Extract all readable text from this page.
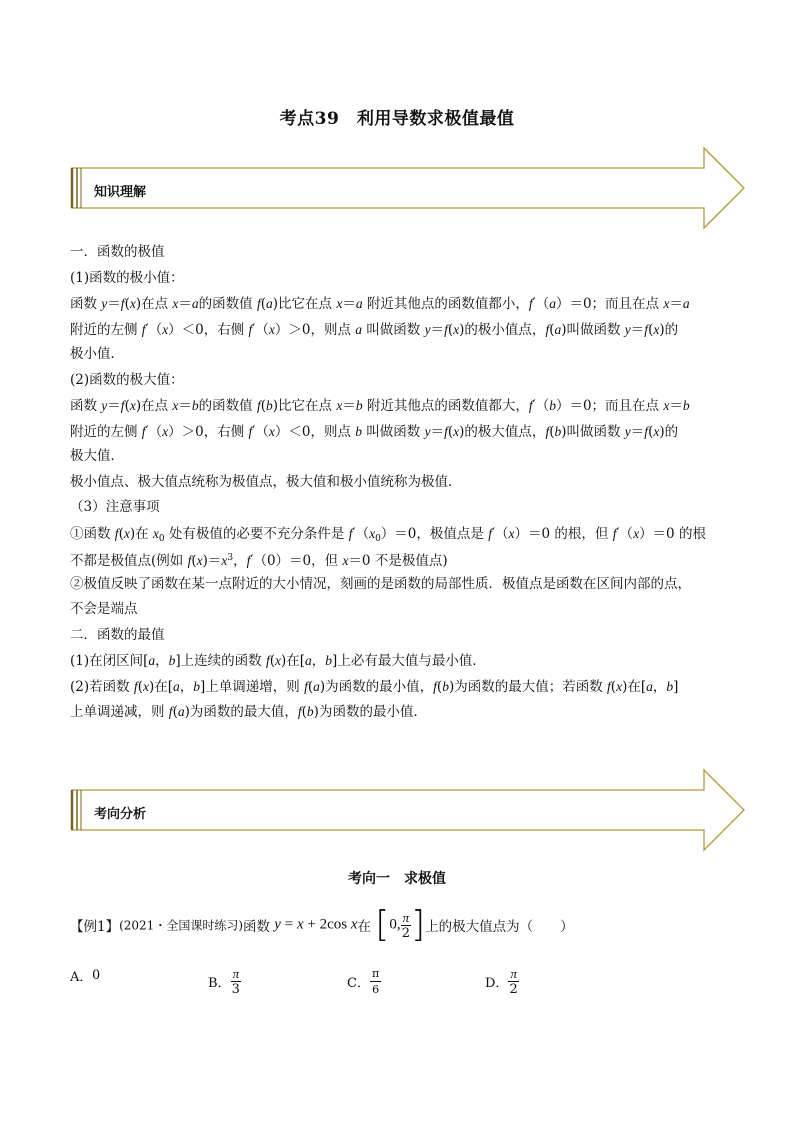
考点39　利用导数求极值最值
知识理解
一．函数的极值
(1)函数的极小值：
函数 y＝f(x)在点 x＝a的函数值 f(a)比它在点 x＝a 附近其他点的函数值都小，f′（a）＝0；而且在点 x＝a
附近的左侧 f′（x）＜0，右侧 f′（x）＞0，则点 a 叫做函数 y＝f(x)的极小值点，f(a)叫做函数 y＝f(x)的
极小值．
(2)函数的极大值：
函数 y＝f(x)在点 x＝b的函数值 f(b)比它在点 x＝b 附近其他点的函数值都大，f′（b）＝0；而且在点 x＝b
附近的左侧 f′（x）＞0，右侧 f′（x）＜0，则点 b 叫做函数 y＝f(x)的极大值点，f(b)叫做函数 y＝f(x)的
极大值．
极小值点、极大值点统称为极值点，极大值和极小值统称为极值．
（3）注意事项
①函数 f(x)在 $x_0$ 处有极值的必要不充分条件是 $f'(x_0)=0$，极值点是 f′（x）＝0 的根，但 f′（x）＝0 的根
不都是极值点(例如 $f(x)=x^3$，f′（0）＝0，但 x＝0 不是极值点)
②极值反映了函数在某一点附近的大小情况，刻画的是函数的局部性质．极值点是函数在区间内部的点，
不会是端点
二．函数的最值
(1)在闭区间[a，b]上连续的函数 f(x)在[a，b]上必有最大值与最小值．
(2)若函数 f(x)在[a，b]上单调递增，则 f(a)为函数的最小值，f(b)为函数的最大值；若函数 f(x)在[a，b]
上单调递减，则 f(a)为函数的最大值，f(b)为函数的最小值．
考向分析
考向一　求极值
【例1】(2021・全国课时练习)函数 y = x + 2cos x在 [0, $\frac{\pi}{2}$ ]上的极大值点为（　　）
A．0
B． $\frac{\pi}{3}$	C． $\frac{\pi}{6}$	D． $\frac{\pi}{2}$
